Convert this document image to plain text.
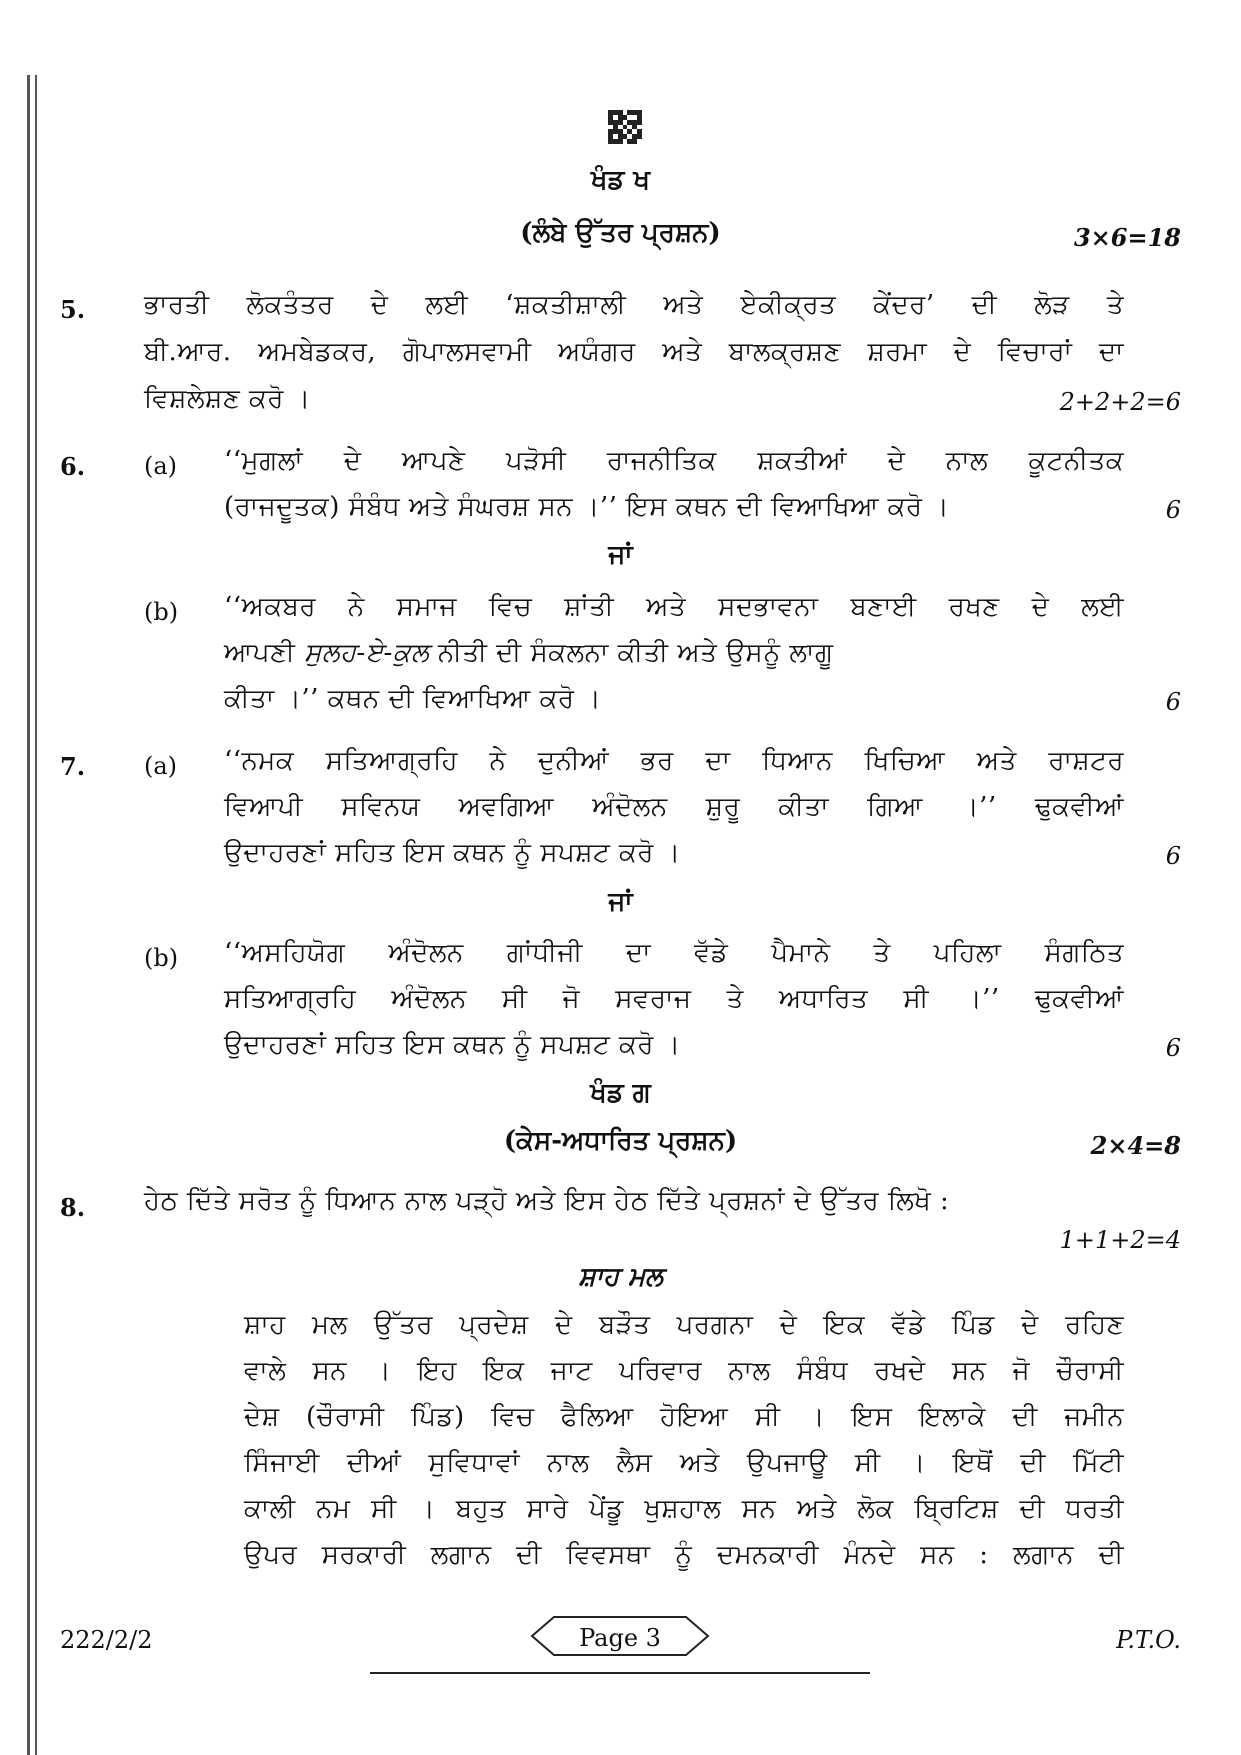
ਖੰਡ ਖ
(ਲੰਬੇ ਉੱਤਰ ਪ੍ਰਸ਼ਨ)	3×6=18
5. ਭਾਰਤੀ ਲੋਕਤੰਤਰ ਦੇ ਲਈ ‘ਸ਼ਕਤੀਸ਼ਾਲੀ ਅਤੇ ਏਕੀਕ੍ਰਤ ਕੇਂਦਰ’ ਦੀ ਲੋੜ ਤੇ
ਬੀ.ਆਰ. ਅਮਬੇਡਕਰ, ਗੋਪਾਲਸਵਾਮੀ ਅਯੰਗਰ ਅਤੇ ਬਾਲਕ੍ਰਸ਼ਣ ਸ਼ਰਮਾ ਦੇ ਵਿਚਾਰਾਂ ਦਾ
ਵਿਸ਼ਲੇਸ਼ਣ ਕਰੋ ।	2+2+2=6
6. (a) ‘‘ਮੁਗਲਾਂ ਦੇ ਆਪਣੇ ਪੜੋਸੀ ਰਾਜਨੀਤਿਕ ਸ਼ਕਤੀਆਂ ਦੇ ਨਾਲ ਕੂਟਨੀਤਕ
(ਰਾਜਦੂਤਕ) ਸੰਬੰਧ ਅਤੇ ਸੰਘਰਸ਼ ਸਨ ।’’ ਇਸ ਕਥਨ ਦੀ ਵਿਆਖਿਆ ਕਰੋ ।	6
ਜਾਂ
(b) ‘‘ਅਕਬਰ ਨੇ ਸਮਾਜ ਵਿਚ ਸ਼ਾਂਤੀ ਅਤੇ ਸਦਭਾਵਨਾ ਬਣਾਈ ਰਖਣ ਦੇ ਲਈ
ਆਪਣੀ ਸੁਲਹ-ਏ-ਕੁਲ ਨੀਤੀ ਦੀ ਸੰਕਲਨਾ ਕੀਤੀ ਅਤੇ ਉਸਨੂੰ ਲਾਗੂ
ਕੀਤਾ ।’’ ਕਥਨ ਦੀ ਵਿਆਖਿਆ ਕਰੋ ।	6
7. (a) ‘‘ਨਮਕ ਸਤਿਆਗ੍ਰਹਿ ਨੇ ਦੁਨੀਆਂ ਭਰ ਦਾ ਧਿਆਨ ਖਿਚਿਆ ਅਤੇ ਰਾਸ਼ਟਰ
ਵਿਆਪੀ ਸਵਿਨਯ ਅਵਗਿਆ ਅੰਦੋਲਨ ਸ਼ੁਰੂ ਕੀਤਾ ਗਿਆ ।’’ ਢੁਕਵੀਆਂ
ਉਦਾਹਰਣਾਂ ਸਹਿਤ ਇਸ ਕਥਨ ਨੂੰ ਸਪਸ਼ਟ ਕਰੋ ।	6
ਜਾਂ
(b) ‘‘ਅਸਹਿਯੋਗ ਅੰਦੋਲਨ ਗਾਂਧੀਜੀ ਦਾ ਵੱਡੇ ਪੈਮਾਨੇ ਤੇ ਪਹਿਲਾ ਸੰਗਠਿਤ
ਸਤਿਆਗ੍ਰਹਿ ਅੰਦੋਲਨ ਸੀ ਜੋ ਸਵਰਾਜ ਤੇ ਅਧਾਰਿਤ ਸੀ ।’’ ਢੁਕਵੀਆਂ
ਉਦਾਹਰਣਾਂ ਸਹਿਤ ਇਸ ਕਥਨ ਨੂੰ ਸਪਸ਼ਟ ਕਰੋ ।	6
ਖੰਡ ਗ
(ਕੇਸ-ਅਧਾਰਿਤ ਪ੍ਰਸ਼ਨ)	2×4=8
8. ਹੇਠ ਦਿੱਤੇ ਸਰੋਤ ਨੂੰ ਧਿਆਨ ਨਾਲ ਪੜ੍ਹੋ ਅਤੇ ਇਸ ਹੇਠ ਦਿੱਤੇ ਪ੍ਰਸ਼ਨਾਂ ਦੇ ਉੱਤਰ ਲਿਖੋ :
1+1+2=4
ਸ਼ਾਹ ਮਲ
ਸ਼ਾਹ ਮਲ ਉੱਤਰ ਪ੍ਰਦੇਸ਼ ਦੇ ਬੜੌਤ ਪਰਗਨਾ ਦੇ ਇਕ ਵੱਡੇ ਪਿੰਡ ਦੇ ਰਹਿਣ
ਵਾਲੇ ਸਨ । ਇਹ ਇਕ ਜਾਟ ਪਰਿਵਾਰ ਨਾਲ ਸੰਬੰਧ ਰਖਦੇ ਸਨ ਜੋ ਚੌਰਾਸੀ
ਦੇਸ਼ (ਚੌਰਾਸੀ ਪਿੰਡ) ਵਿਚ ਫੈਲਿਆ ਹੋਇਆ ਸੀ । ਇਸ ਇਲਾਕੇ ਦੀ ਜਮੀਨ
ਸਿੰਜਾਈ ਦੀਆਂ ਸੁਵਿਧਾਵਾਂ ਨਾਲ ਲੈਸ ਅਤੇ ਉਪਜਾਊ ਸੀ । ਇਥੋਂ ਦੀ ਮਿੱਟੀ
ਕਾਲੀ ਨਮ ਸੀ । ਬਹੁਤ ਸਾਰੇ ਪੇਂਡੂ ਖੁਸ਼ਹਾਲ ਸਨ ਅਤੇ ਲੋਕ ਬ੍ਰਿਟਿਸ਼ ਦੀ ਧਰਤੀ
ਉਪਰ ਸਰਕਾਰੀ ਲਗਾਨ ਦੀ ਵਿਵਸਥਾ ਨੂੰ ਦਮਨਕਾਰੀ ਮੰਨਦੇ ਸਨ : ਲਗਾਨ ਦੀ
222/2/2	Page 3	P.T.O.
